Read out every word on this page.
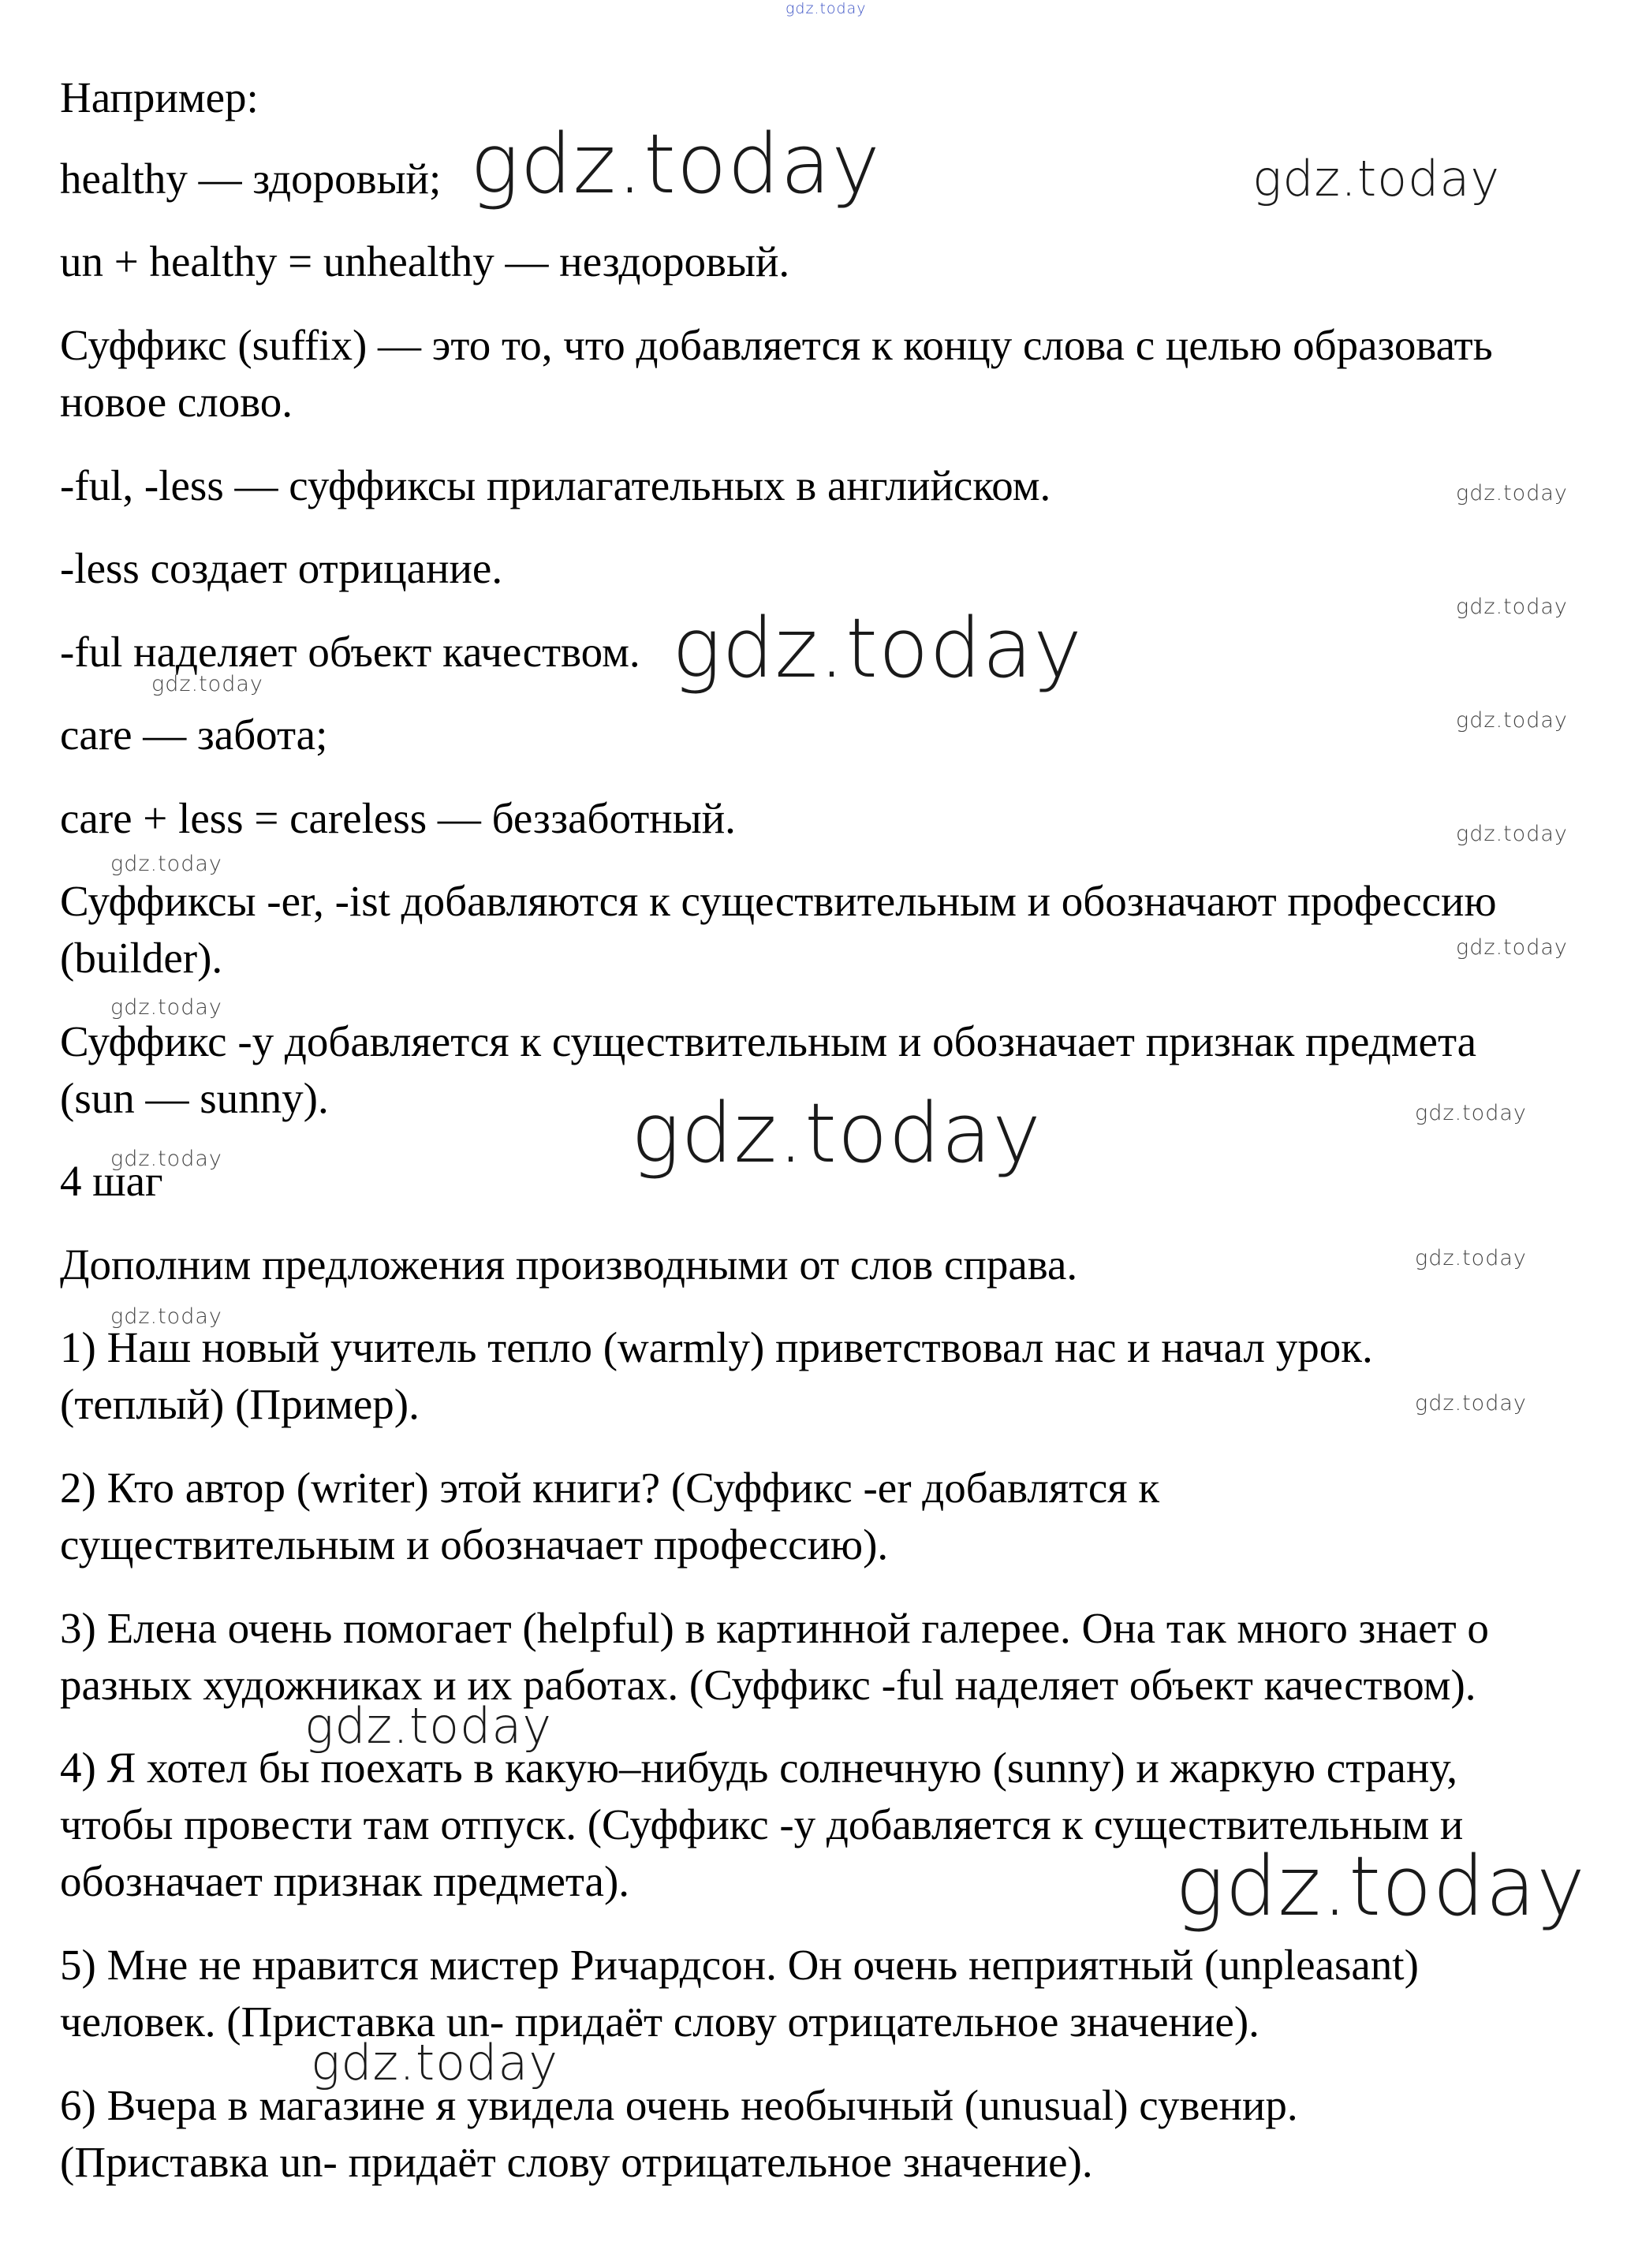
gdz.today
Например:
healthy — здоровый;
un + healthy = unhealthy — нездоровый.
Суффикс (suffix) — это то, что добавляется к концу слова с целью образовать
новое слово.
-ful, -less — суффиксы прилагательных в английском.
-less создает отрицание.
-ful наделяет объект качеством.
care — забота;
care + less = careless — беззаботный.
Суффиксы -er, -ist добавляются к существительным и обозначают профессию
(builder).
Суффикс -y добавляется к существительным и обозначает признак предмета
(sun — sunny).
4 шаг
Дополним предложения производными от слов справа.
1) Наш новый учитель тепло (warmly) приветствовал нас и начал урок.
(теплый) (Пример).
2) Кто автор (writer) этой книги? (Суффикс -er добавлятся к
существительным и обозначает профессию).
3) Елена очень помогает (helpful) в картинной галерее. Она так много знает о
разных художниках и их работах. (Суффикс -ful наделяет объект качеством).
4) Я хотел бы поехать в какую–нибудь солнечную (sunny) и жаркую страну,
чтобы провести там отпуск. (Суффикс -y добавляется к существительным и
обозначает признак предмета).
5) Мне не нравится мистер Ричардсон. Он очень неприятный (unpleasant)
человек. (Приставка un- придаёт слову отрицательное значение).
6) Вчера в магазине я увидела очень необычный (unusual) сувенир.
(Приставка un- придаёт слову отрицательное значение).
gdz.today	gdz.today
gdz.today
gdz.today
gdz.today
gdz.today
gdz.today
gdz.today
gdz.today
gdz.today
gdz.today
gdz.today
gdz.today
gdz.today
gdz.today
gdz.today
gdz.today
gdz.today
gdz.today
gdz.today
